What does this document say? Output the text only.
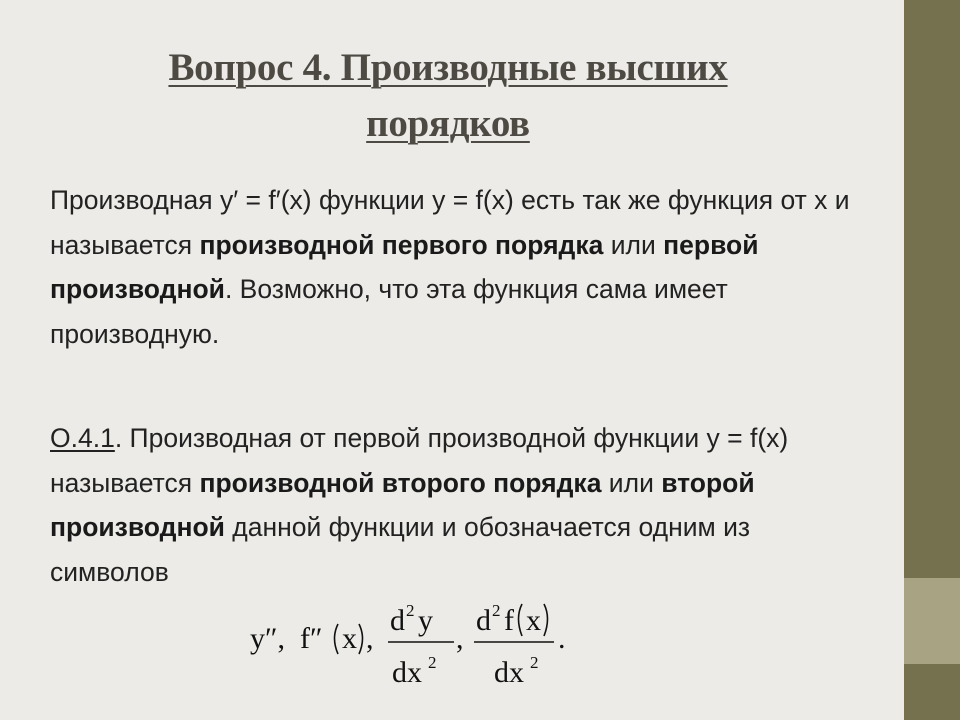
Вопрос 4. Производные высших
порядков
Производная y′ = f′(x) функции y = f(x) есть так же функция от x и называется производной первого порядка или первой производной. Возможно, что эта функция сама имеет производную.
О.4.1. Производная от первой производной функции y = f(x) называется производной второго порядка или второй производной данной функции и обозначается одним из символов
y″, f″ x ,
d 2 y
dx 2
,
d 2 f x
dx 2
.
